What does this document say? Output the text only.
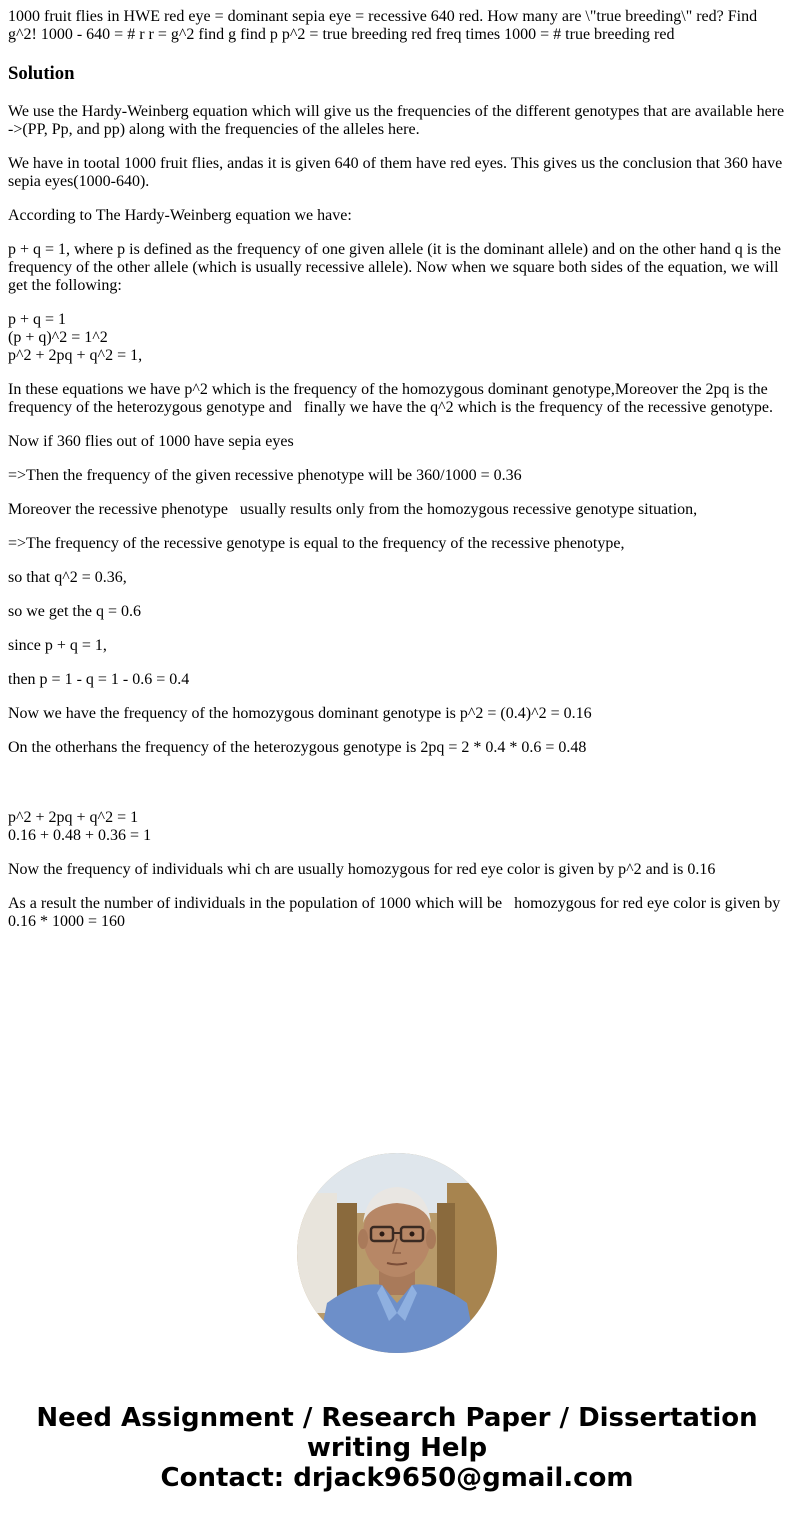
1000 fruit flies in HWE red eye = dominant sepia eye = recessive 640 red. How many are \"true breeding\" red? Find g^2! 1000 - 640 = # r r = g^2 find g find p p^2 = true breeding red freq times 1000 = # true breeding red
Solution

We use the Hardy-Weinberg equation which will give us the frequencies of the different genotypes that are available here ->(PP, Pp, and pp) along with the frequencies of the alleles here.

We have in tootal 1000 fruit flies, andas it is given 640 of them have red eyes. This gives us the conclusion that 360 have sepia eyes(1000-640).

According to The Hardy-Weinberg equation we have:

p + q = 1, where p is defined as the frequency of one given allele (it is the dominant allele) and on the other hand q is the frequency of the other allele (which is usually recessive allele). Now when we square both sides of the equation, we will get the following:

p + q = 1
(p + q)^2 = 1^2
p^2 + 2pq + q^2 = 1,

In these equations we have p^2 which is the frequency of the homozygous dominant genotype,Moreover the 2pq is the frequency of the heterozygous genotype and   finally we have the q^2 which is the frequency of the recessive genotype.

Now if 360 flies out of 1000 have sepia eyes

=>Then the frequency of the given recessive phenotype will be 360/1000 = 0.36

Moreover the recessive phenotype   usually results only from the homozygous recessive genotype situation,

=>The frequency of the recessive genotype is equal to the frequency of the recessive phenotype,

so that q^2 = 0.36,

so we get the q = 0.6

since p + q = 1,

then p = 1 - q = 1 - 0.6 = 0.4

Now we have the frequency of the homozygous dominant genotype is p^2 = (0.4)^2 = 0.16

On the otherhans the frequency of the heterozygous genotype is 2pq = 2 * 0.4 * 0.6 = 0.48

p^2 + 2pq + q^2 = 1
0.16 + 0.48 + 0.36 = 1

Now the frequency of individuals whi ch are usually homozygous for red eye color is given by p^2 and is 0.16

As a result the number of individuals in the population of 1000 which will be   homozygous for red eye color is given by 0.16 * 1000 = 160

Need Assignment / Research Paper / Dissertation
writing Help
Contact: drjack9650@gmail.com
